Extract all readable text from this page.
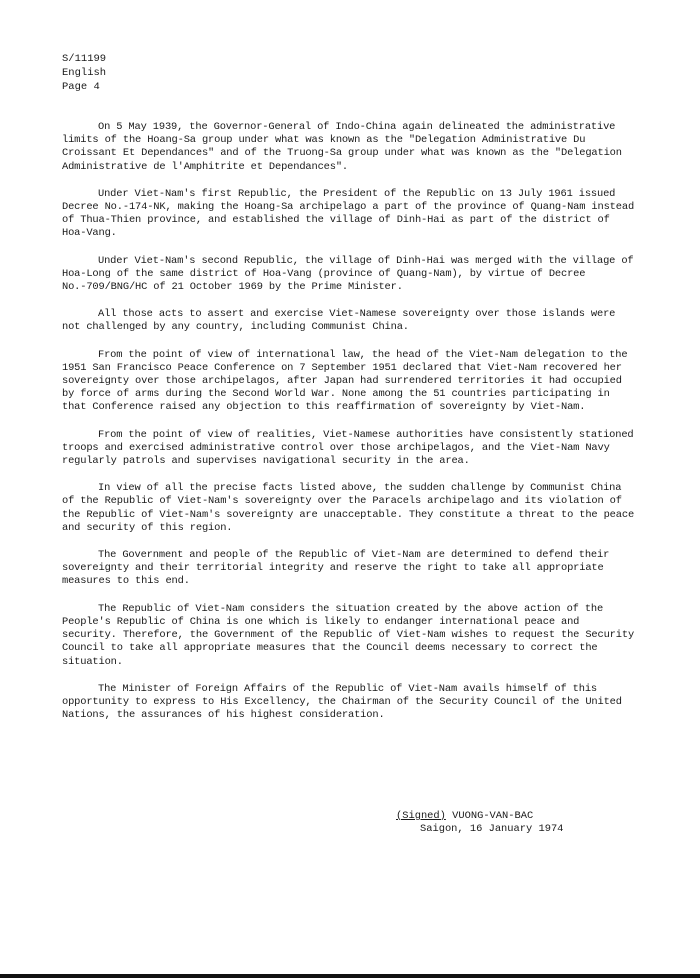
S/11199
English
Page 4

On 5 May 1939, the Governor-General of Indo-China again delineated the administrative limits of the Hoang-Sa group under what was known as the "Delegation Administrative Du Croissant Et Dependances" and of the Truong-Sa group under what was known as the "Delegation Administrative de l'Amphitrite et Dependances".

Under Viet-Nam's first Republic, the President of the Republic on 13 July 1961 issued Decree No.-174-NK, making the Hoang-Sa archipelago a part of the province of Quang-Nam instead of Thua-Thien province, and established the village of Dinh-Hai as part of the district of Hoa-Vang.

Under Viet-Nam's second Republic, the village of Dinh-Hai was merged with the village of Hoa-Long of the same district of Hoa-Vang (province of Quang-Nam), by virtue of Decree No.-709/BNG/HC of 21 October 1969 by the Prime Minister.

All those acts to assert and exercise Viet-Namese sovereignty over those islands were not challenged by any country, including Communist China.

From the point of view of international law, the head of the Viet-Nam delegation to the 1951 San Francisco Peace Conference on 7 September 1951 declared that Viet-Nam recovered her sovereignty over those archipelagos, after Japan had surrendered territories it had occupied by force of arms during the Second World War. None among the 51 countries participating in that Conference raised any objection to this reaffirmation of sovereignty by Viet-Nam.

From the point of view of realities, Viet-Namese authorities have consistently stationed troops and exercised administrative control over those archipelagos, and the Viet-Nam Navy regularly patrols and supervises navigational security in the area.

In view of all the precise facts listed above, the sudden challenge by Communist China of the Republic of Viet-Nam's sovereignty over the Paracels archipelago and its violation of the Republic of Viet-Nam's sovereignty are unacceptable. They constitute a threat to the peace and security of this region.

The Government and people of the Republic of Viet-Nam are determined to defend their sovereignty and their territorial integrity and reserve the right to take all appropriate measures to this end.

The Republic of Viet-Nam considers the situation created by the above action of the People's Republic of China is one which is likely to endanger international peace and security. Therefore, the Government of the Republic of Viet-Nam wishes to request the Security Council to take all appropriate measures that the Council deems necessary to correct the situation.

The Minister of Foreign Affairs of the Republic of Viet-Nam avails himself of this opportunity to express to His Excellency, the Chairman of the Security Council of the United Nations, the assurances of his highest consideration.

(Signed) VUONG-VAN-BAC
Saigon, 16 January 1974
